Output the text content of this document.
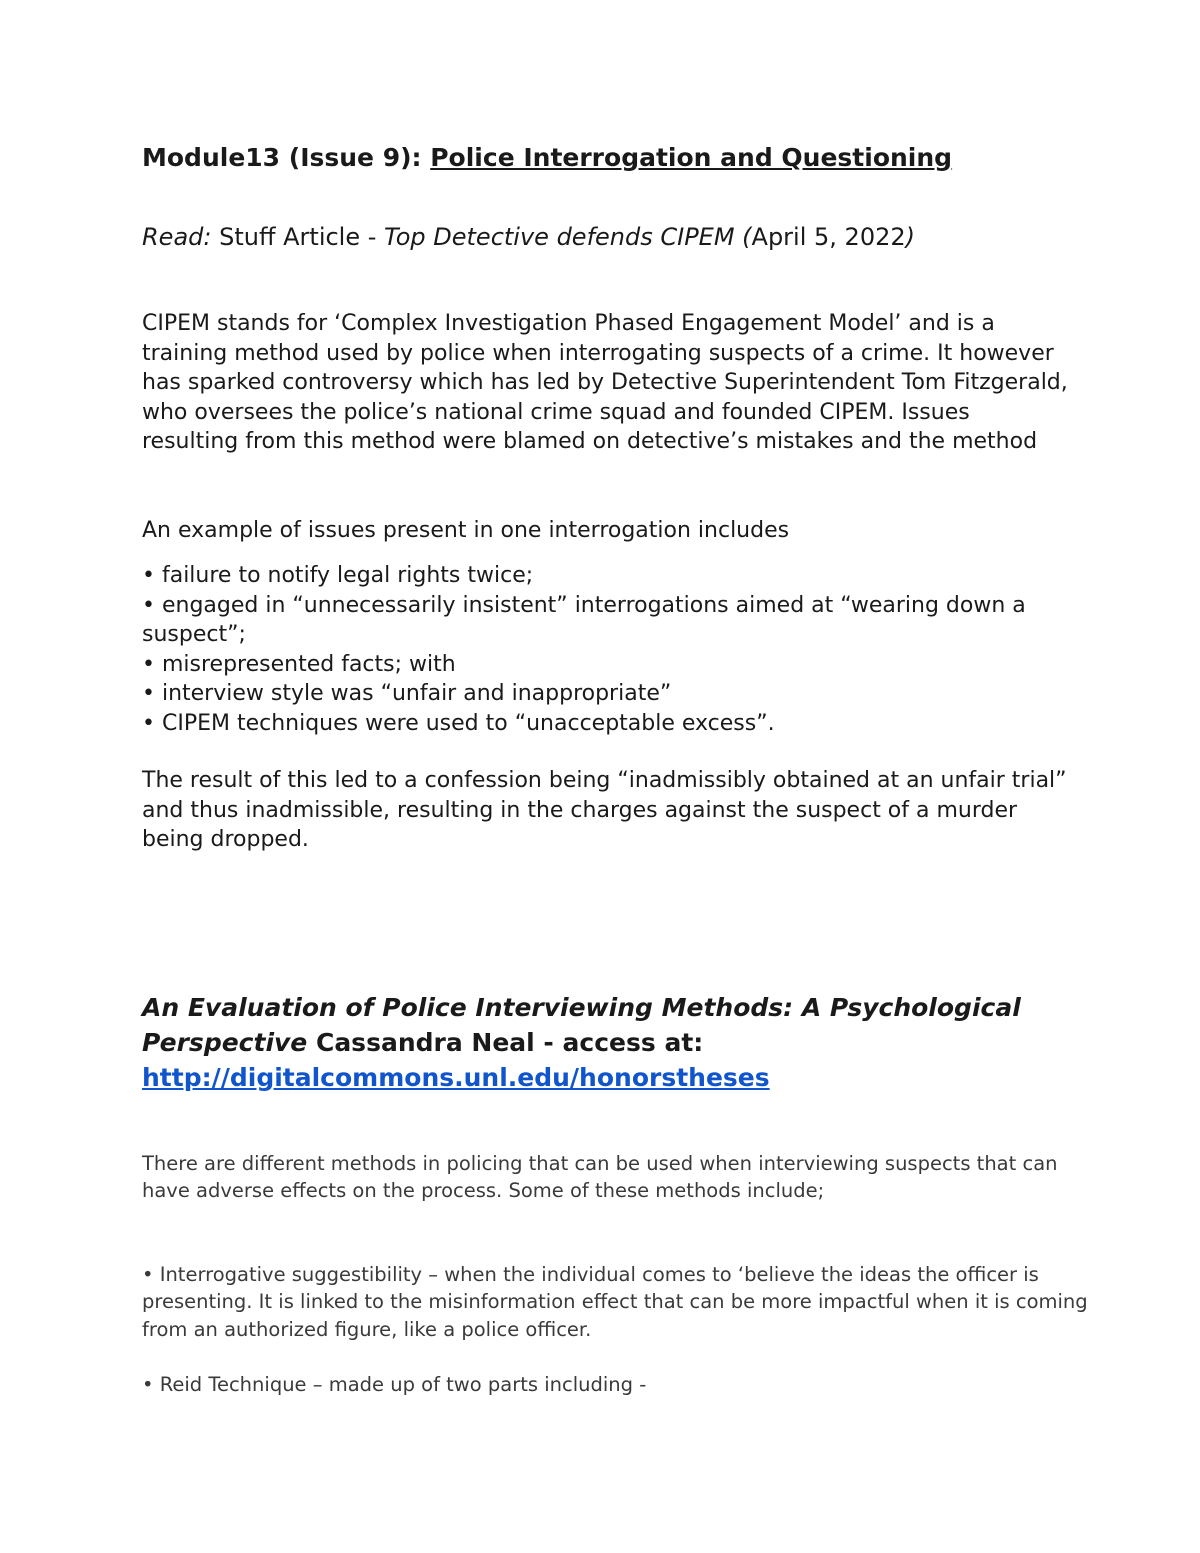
Module13 (Issue 9): Police Interrogation and Questioning

Read: Stuff Article - Top Detective defends CIPEM (April 5, 2022)

CIPEM stands for ‘Complex Investigation Phased Engagement Model’ and is a training method used by police when interrogating suspects of a crime. It however has sparked controversy which has led by Detective Superintendent Tom Fitzgerald, who oversees the police’s national crime squad and founded CIPEM. Issues resulting from this method were blamed on detective’s mistakes and the method

An example of issues present in one interrogation includes

• failure to notify legal rights twice;
• engaged in “unnecessarily insistent” interrogations aimed at “wearing down a suspect”;
• misrepresented facts; with
• interview style was “unfair and inappropriate”
• CIPEM techniques were used to “unacceptable excess”.

The result of this led to a confession being “inadmissibly obtained at an unfair trial” and thus inadmissible, resulting in the charges against the suspect of a murder being dropped.

An Evaluation of Police Interviewing Methods: A Psychological Perspective Cassandra Neal - access at:
http://digitalcommons.unl.edu/honorstheses

There are different methods in policing that can be used when interviewing suspects that can have adverse effects on the process. Some of these methods include;

• Interrogative suggestibility – when the individual comes to ‘believe the ideas the officer is presenting. It is linked to the misinformation effect that can be more impactful when it is coming from an authorized figure, like a police officer.

• Reid Technique – made up of two parts including -
